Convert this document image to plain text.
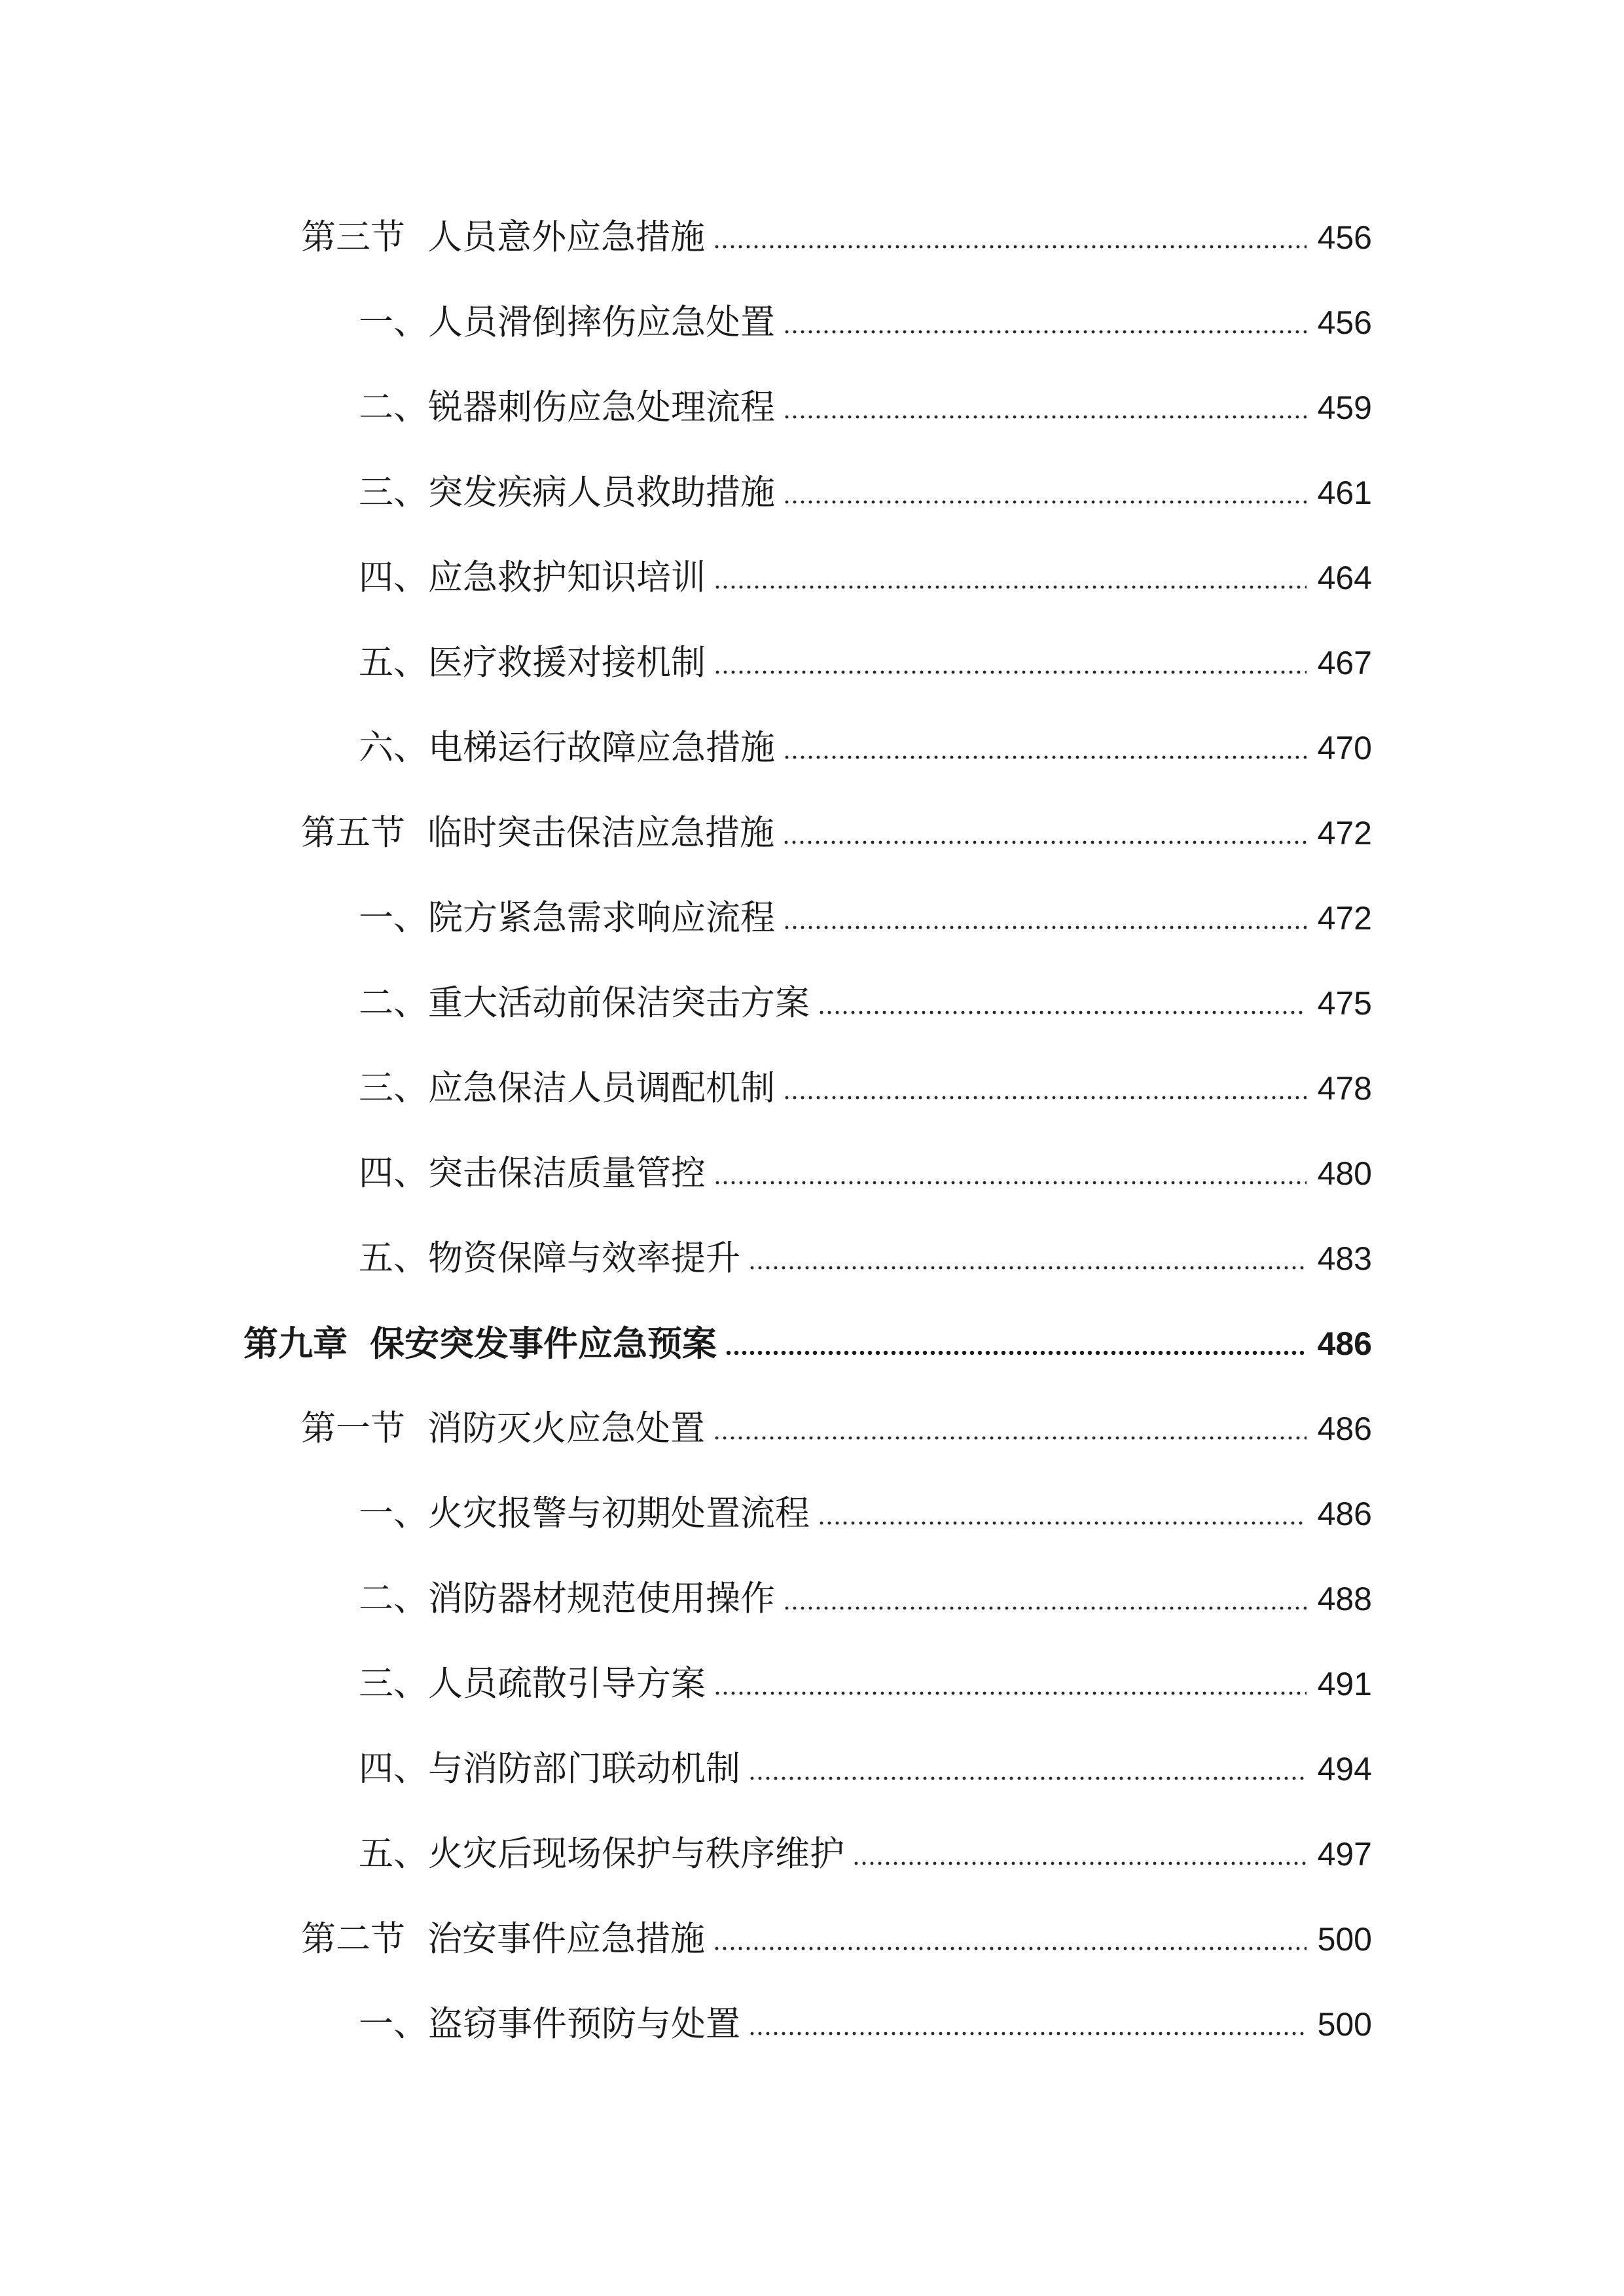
第三节 人员意外应急措施	456
一、 人员滑倒摔伤应急处置	456
二、 锐器刺伤应急处理流程	459
三、 突发疾病人员救助措施	461
四、 应急救护知识培训	464
五、 医疗救援对接机制	467
六、 电梯运行故障应急措施	470
第五节 临时突击保洁应急措施	472
一、 院方紧急需求响应流程	472
二、 重大活动前保洁突击方案	475
三、 应急保洁人员调配机制	478
四、 突击保洁质量管控	480
五、 物资保障与效率提升	483
第九章 保安突发事件应急预案	486
第一节 消防灭火应急处置	486
一、 火灾报警与初期处置流程	486
二、 消防器材规范使用操作	488
三、 人员疏散引导方案	491
四、 与消防部门联动机制	494
五、 火灾后现场保护与秩序维护	497
第二节 治安事件应急措施	500
一、 盗窃事件预防与处置	500
